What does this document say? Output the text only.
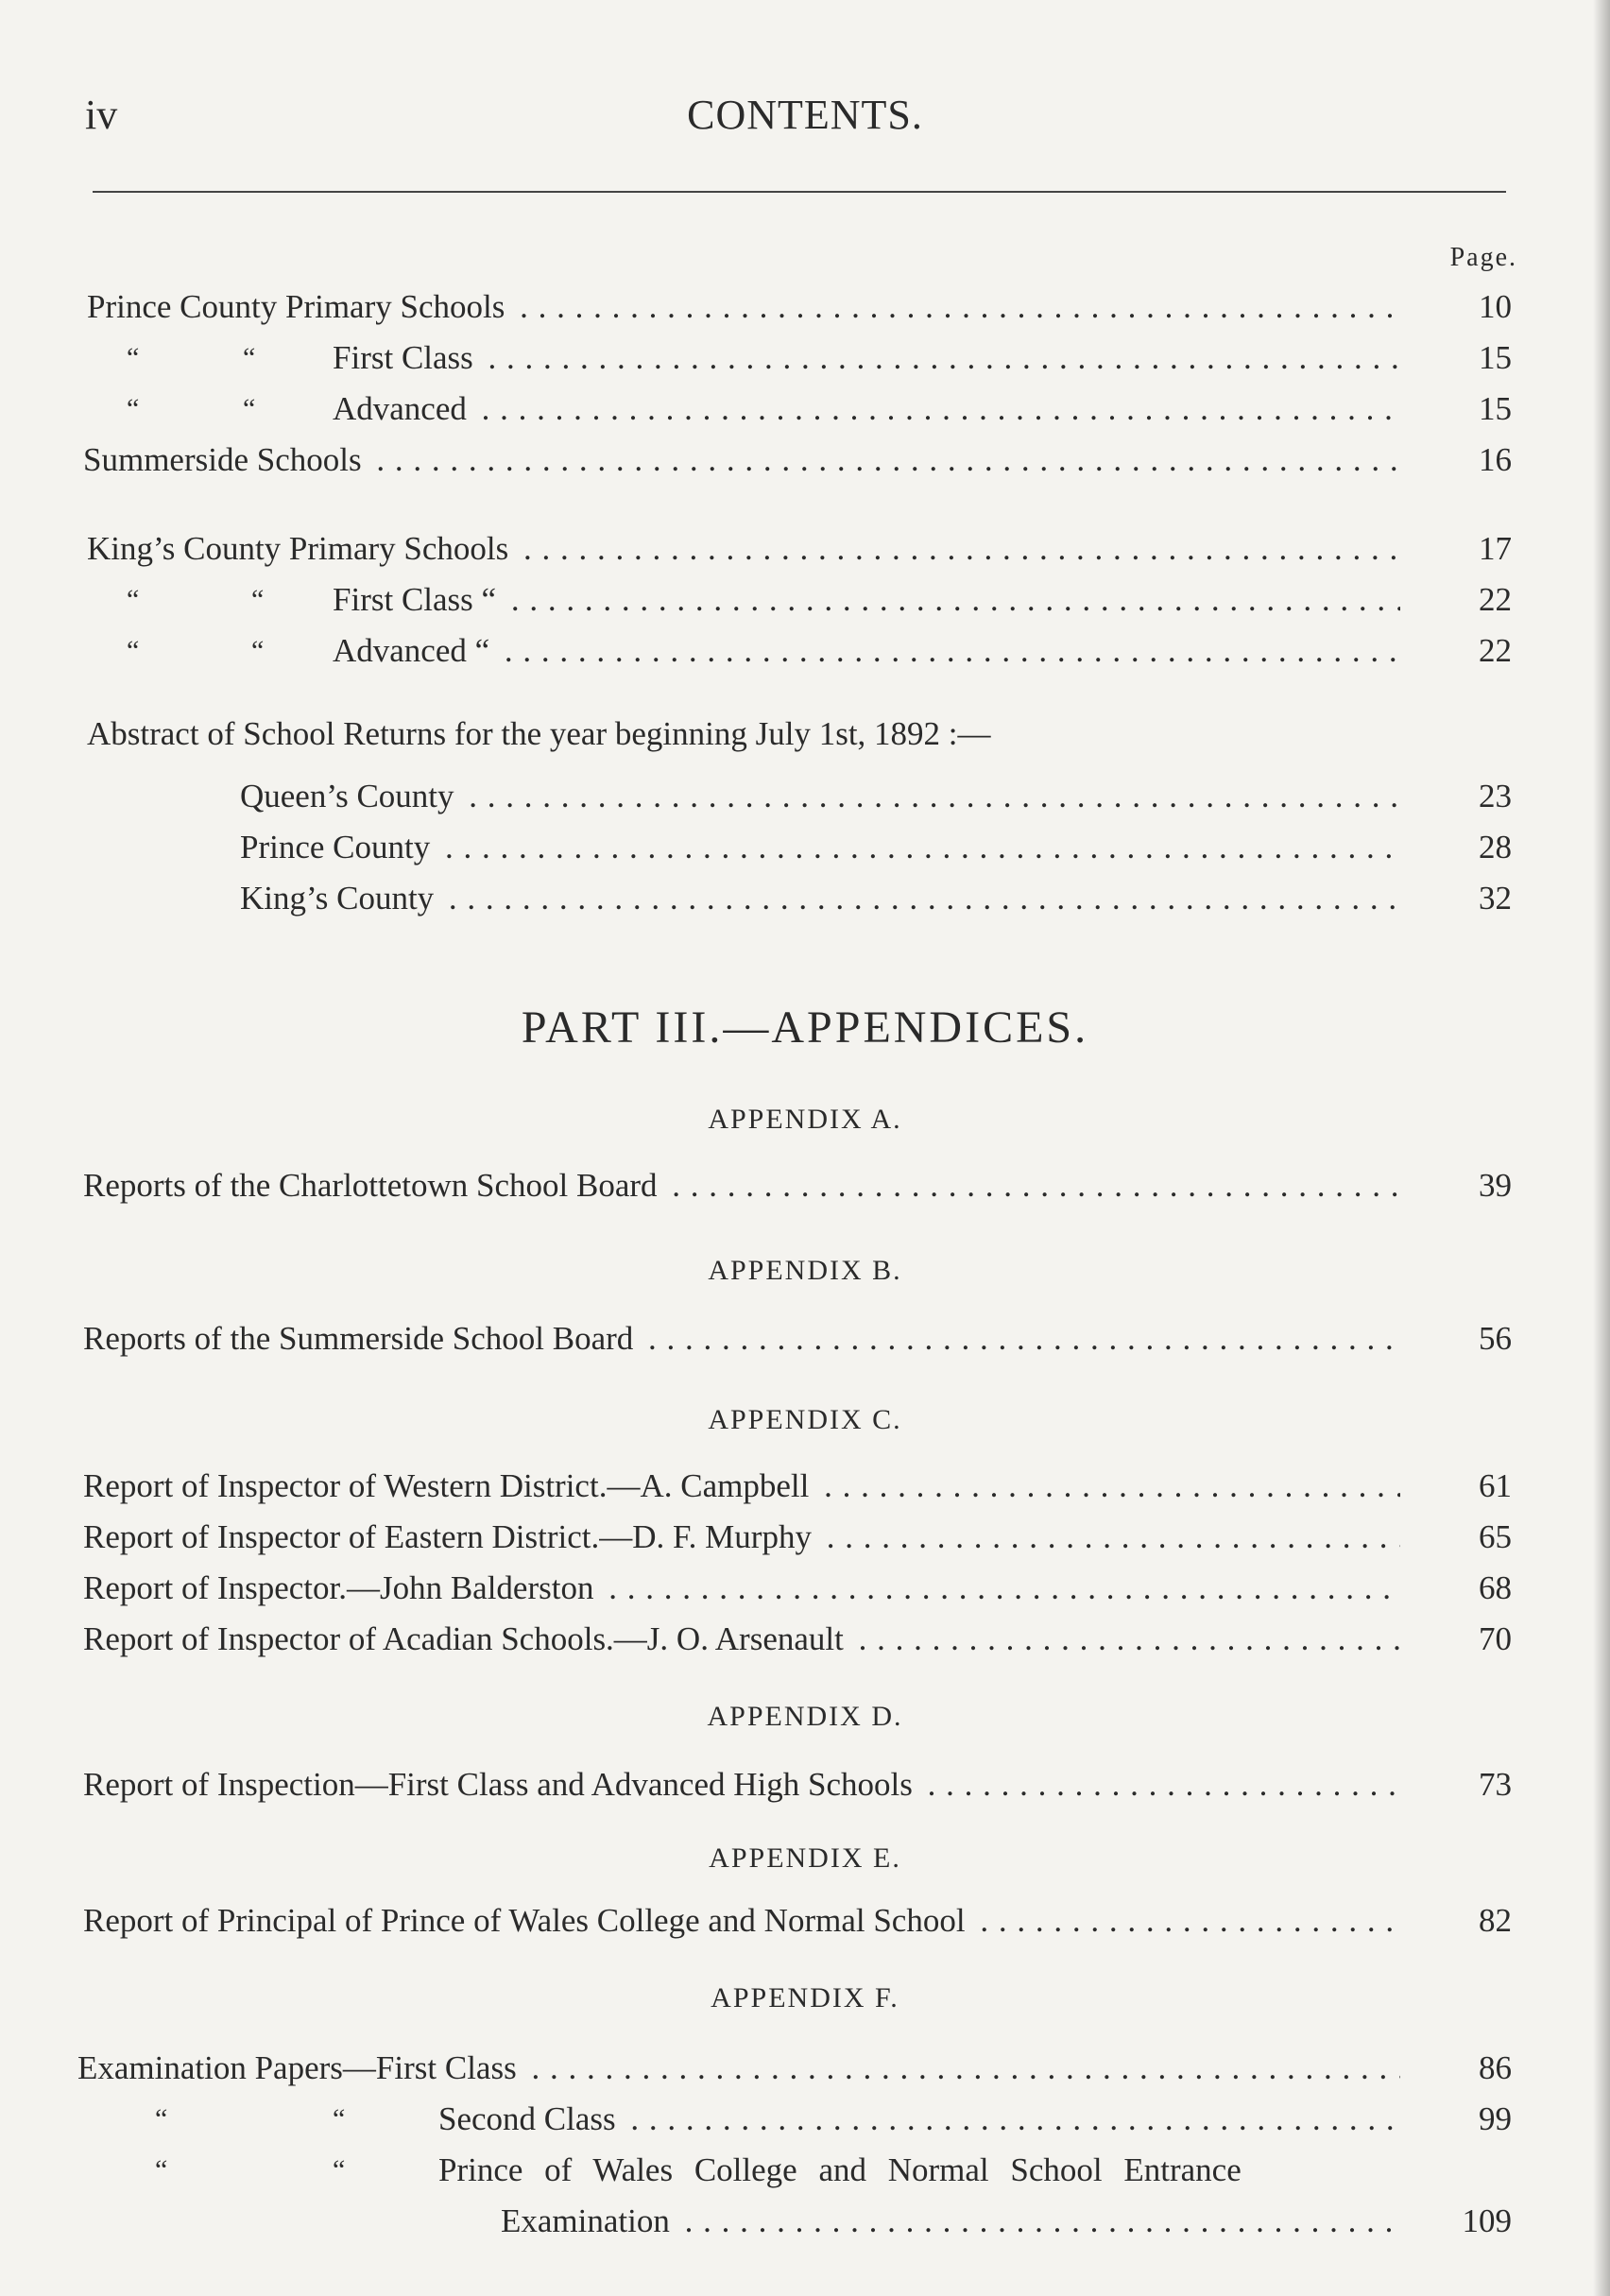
iv	CONTENTS.
Page.
Prince County Primary Schools . . .	10
“	“ First Class . . .	15
“	“ Advanced . . .	15
Summerside Schools . . .	16
King’s County Primary Schools . . .	17
“	“ First Class “ . . .	22
“	“ Advanced “ . . .	22
Abstract of School Returns for the year beginning July 1st, 1892 :—
Queen’s County . . .	23
Prince County . . .	28
King’s County . . .	32
PART III.—APPENDICES.
APPENDIX A.
Reports of the Charlottetown School Board . . .	39
APPENDIX B.
Reports of the Summerside School Board . . .	56
APPENDIX C.
Report of Inspector of Western District.—A. Campbell . . .	61
Report of Inspector of Eastern District.—D. F. Murphy . . .	65
Report of Inspector.—John Balderston . . .	68
Report of Inspector of Acadian Schools.—J. O. Arsenault . . .	70
APPENDIX D.
Report of Inspection—First Class and Advanced High Schools . . .	73
APPENDIX E.
Report of Principal of Prince of Wales College and Normal School . . .	82
APPENDIX F.
Examination Papers—First Class . . .	86
“	“	Second Class . . .	99
“	“	Prince of Wales College and Normal School Entrance
Examination . . .	109
